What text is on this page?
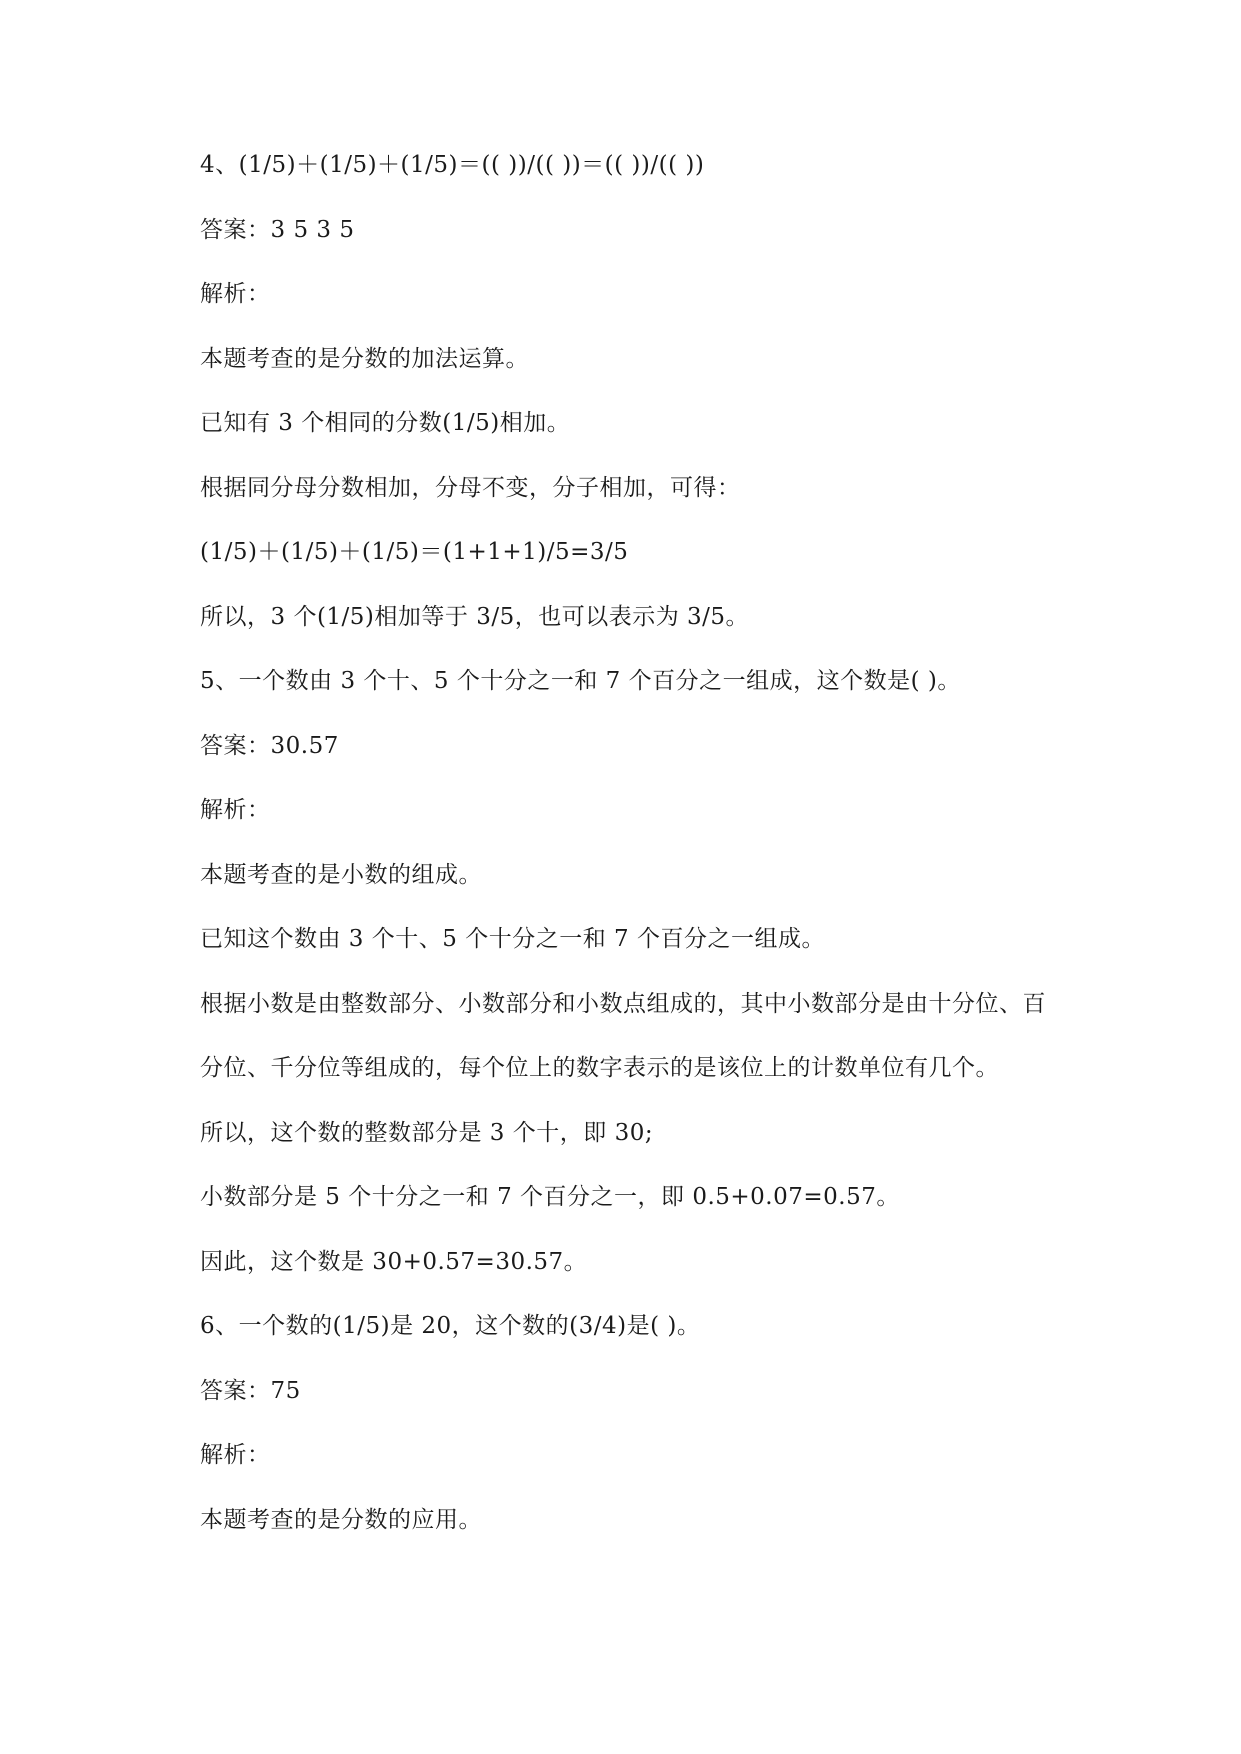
4、(1/5)＋(1/5)＋(1/5)＝(( ))/(( ))＝(( ))/(( ))
答案：3 5 3 5
解析：
本题考查的是分数的加法运算。
已知有 3 个相同的分数(1/5)相加。
根据同分母分数相加，分母不变，分子相加，可得：
(1/5)＋(1/5)＋(1/5)＝(1+1+1)/5=3/5
所以，3 个(1/5)相加等于 3/5，也可以表示为 3/5。
5、一个数由 3 个十、5 个十分之一和 7 个百分之一组成，这个数是( )。
答案：30.57
解析：
本题考查的是小数的组成。
已知这个数由 3 个十、5 个十分之一和 7 个百分之一组成。
根据小数是由整数部分、小数部分和小数点组成的，其中小数部分是由十分位、百
分位、千分位等组成的，每个位上的数字表示的是该位上的计数单位有几个。
所以，这个数的整数部分是 3 个十，即 30;
小数部分是 5 个十分之一和 7 个百分之一，即 0.5+0.07=0.57。
因此，这个数是 30+0.57=30.57。
6、一个数的(1/5)是 20，这个数的(3/4)是( )。
答案：75
解析：
本题考查的是分数的应用。
